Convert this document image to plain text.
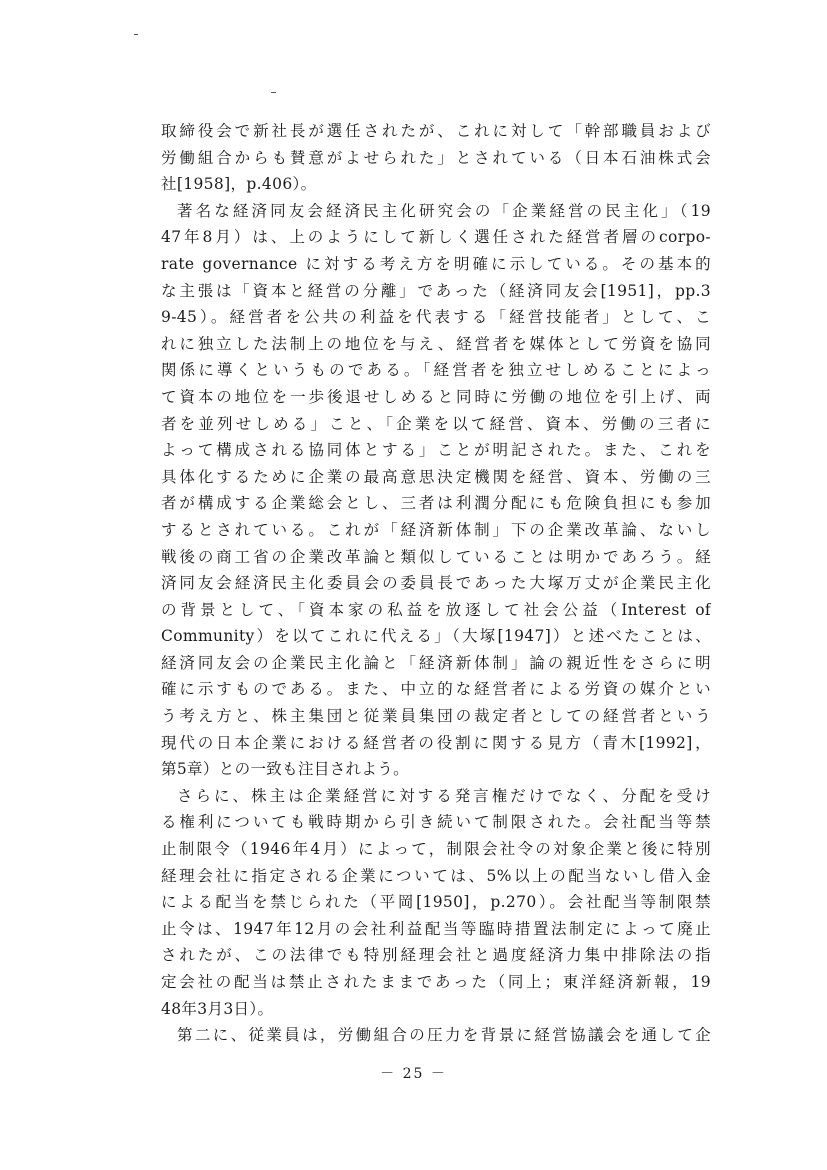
取締役会で新社長が選任されたが、これに対して「幹部職員および
労働組合からも賛意がよせられた」とされている（日本石油株式会
社[1958]，p.406）。
著名な経済同友会経済民主化研究会の「企業経営の民主化」（19
47年8月）は、上のようにして新しく選任された経営者層のcorpo-
rate governance に対する考え方を明確に示している。その基本的
な主張は「資本と経営の分離」であった（経済同友会[1951]，pp.3
9-45）。経営者を公共の利益を代表する「経営技能者」として、こ
れに独立した法制上の地位を与え、経営者を媒体として労資を協同
関係に導くというものである。「経営者を独立せしめることによっ
て資本の地位を一歩後退せしめると同時に労働の地位を引上げ、両
者を並列せしめる」こと、「企業を以て経営、資本、労働の三者に
よって構成される協同体とする」ことが明記された。また、これを
具体化するために企業の最高意思決定機関を経営、資本、労働の三
者が構成する企業総会とし、三者は利潤分配にも危険負担にも参加
するとされている。これが「経済新体制」下の企業改革論、ないし
戦後の商工省の企業改革論と類似していることは明かであろう。経
済同友会経済民主化委員会の委員長であった大塚万丈が企業民主化
の背景として、「資本家の私益を放逐して社会公益（Interest of
Community）を以てこれに代える」（大塚[1947]）と述べたことは、
経済同友会の企業民主化論と「経済新体制」論の親近性をさらに明
確に示すものである。また、中立的な経営者による労資の媒介とい
う考え方と、株主集団と従業員集団の裁定者としての経営者という
現代の日本企業における経営者の役割に関する見方（青木[1992]，
第5章）との一致も注目されよう。
さらに、株主は企業経営に対する発言権だけでなく、分配を受け
る権利についても戦時期から引き続いて制限された。会社配当等禁
止制限令（1946年4月）によって，制限会社令の対象企業と後に特別
経理会社に指定される企業については、5%以上の配当ないし借入金
による配当を禁じられた（平岡[1950]，p.270）。会社配当等制限禁
止令は、1947年12月の会社利益配当等臨時措置法制定によって廃止
されたが、この法律でも特別経理会社と過度経済力集中排除法の指
定会社の配当は禁止されたままであった（同上；東洋経済新報，19
48年3月3日）。
第二に、従業員は，労働組合の圧力を背景に経営協議会を通して企
－ 25 －
